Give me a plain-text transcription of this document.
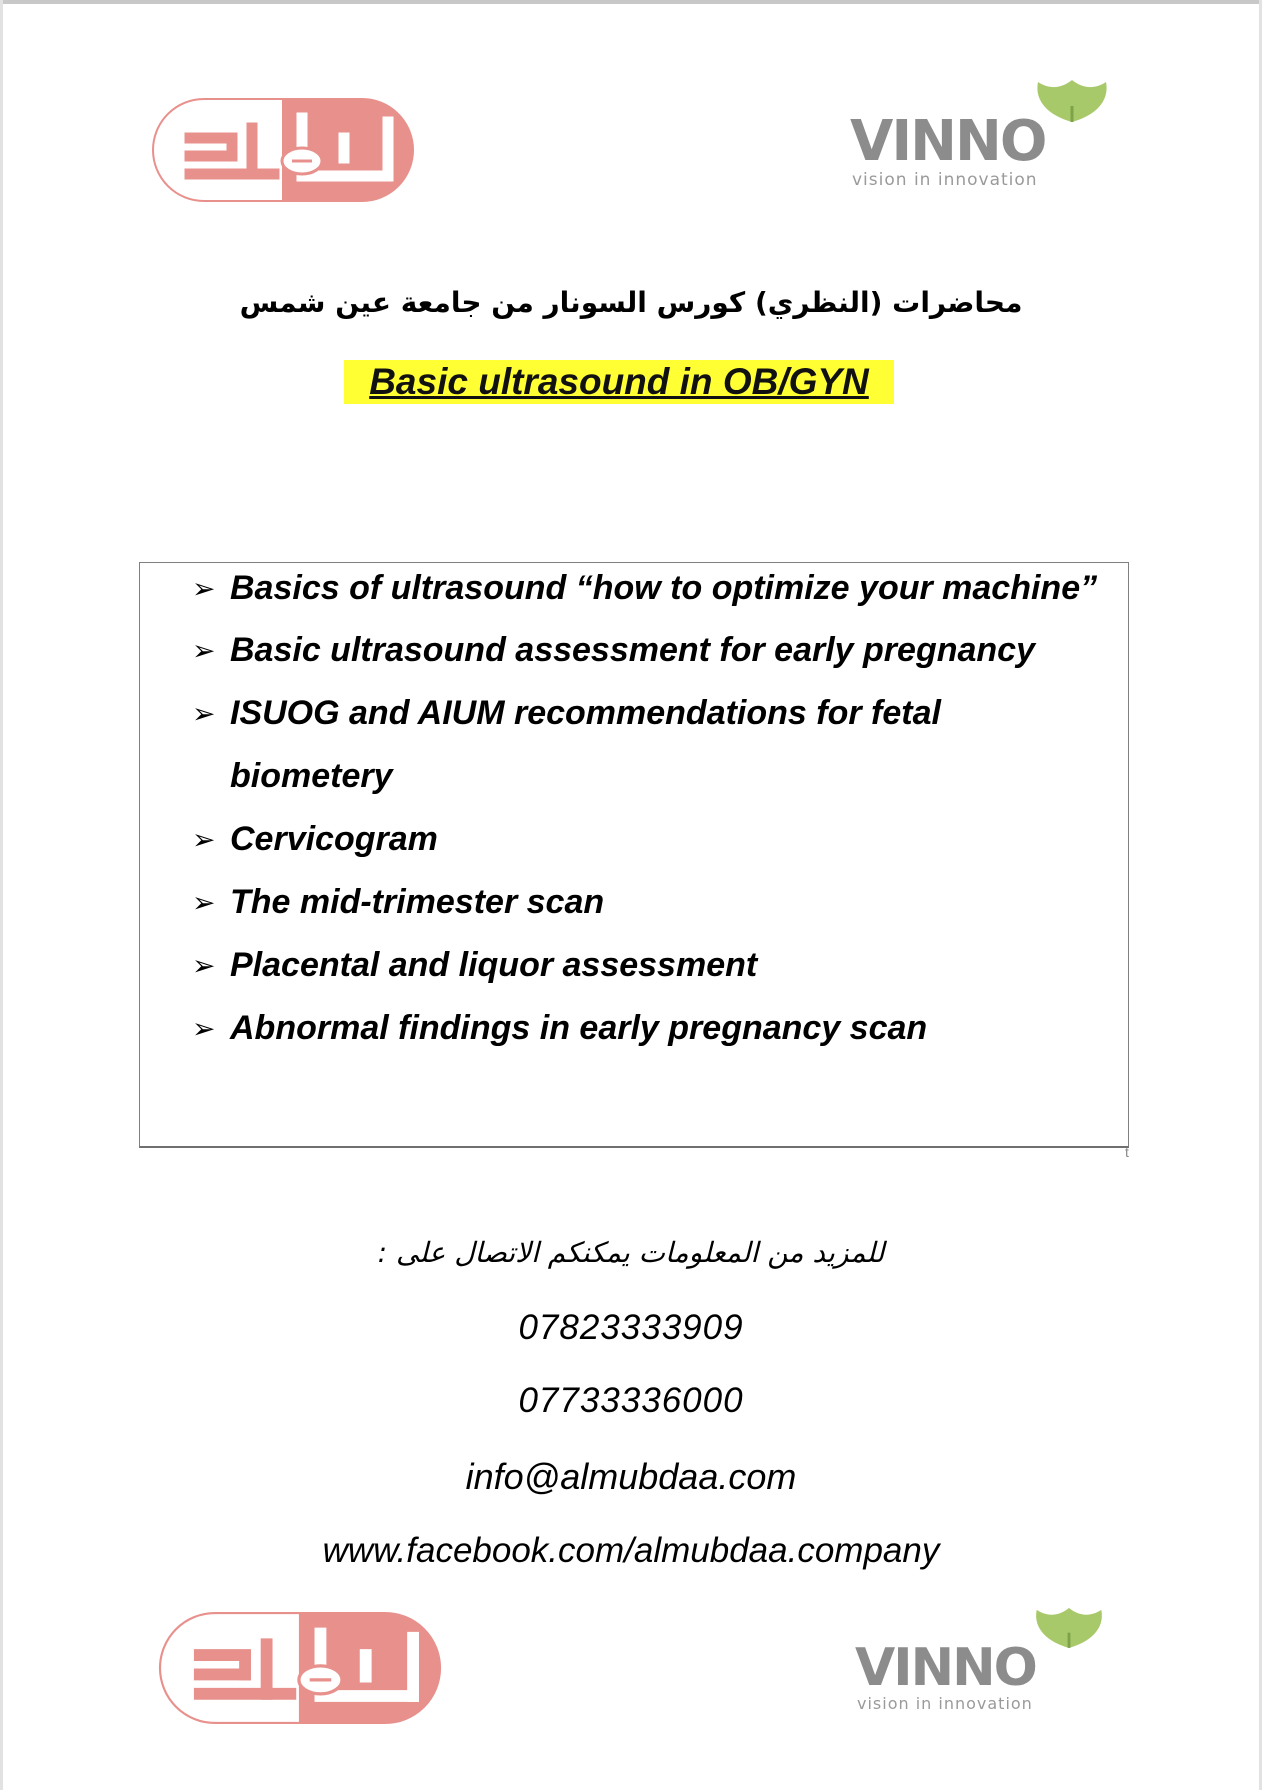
VINNO
vision in innovation
محاضرات (النظري) كورس السونار من جامعة عين شمس
Basic ultrasound in OB/GYN
➢ Basics of ultrasound “how to optimize your machine”
➢ Basic ultrasound assessment for early pregnancy
➢ ISUOG and AIUM recommendations for fetal biometery
➢ Cervicogram
➢ The mid-trimester scan
➢ Placental and liquor assessment
➢ Abnormal findings in early pregnancy scan
t
للمزيد من المعلومات يمكنكم الاتصال على :
07823333909
07733336000
info@almubdaa.com
www.facebook.com/almubdaa.company
VINNO
vision in innovation
